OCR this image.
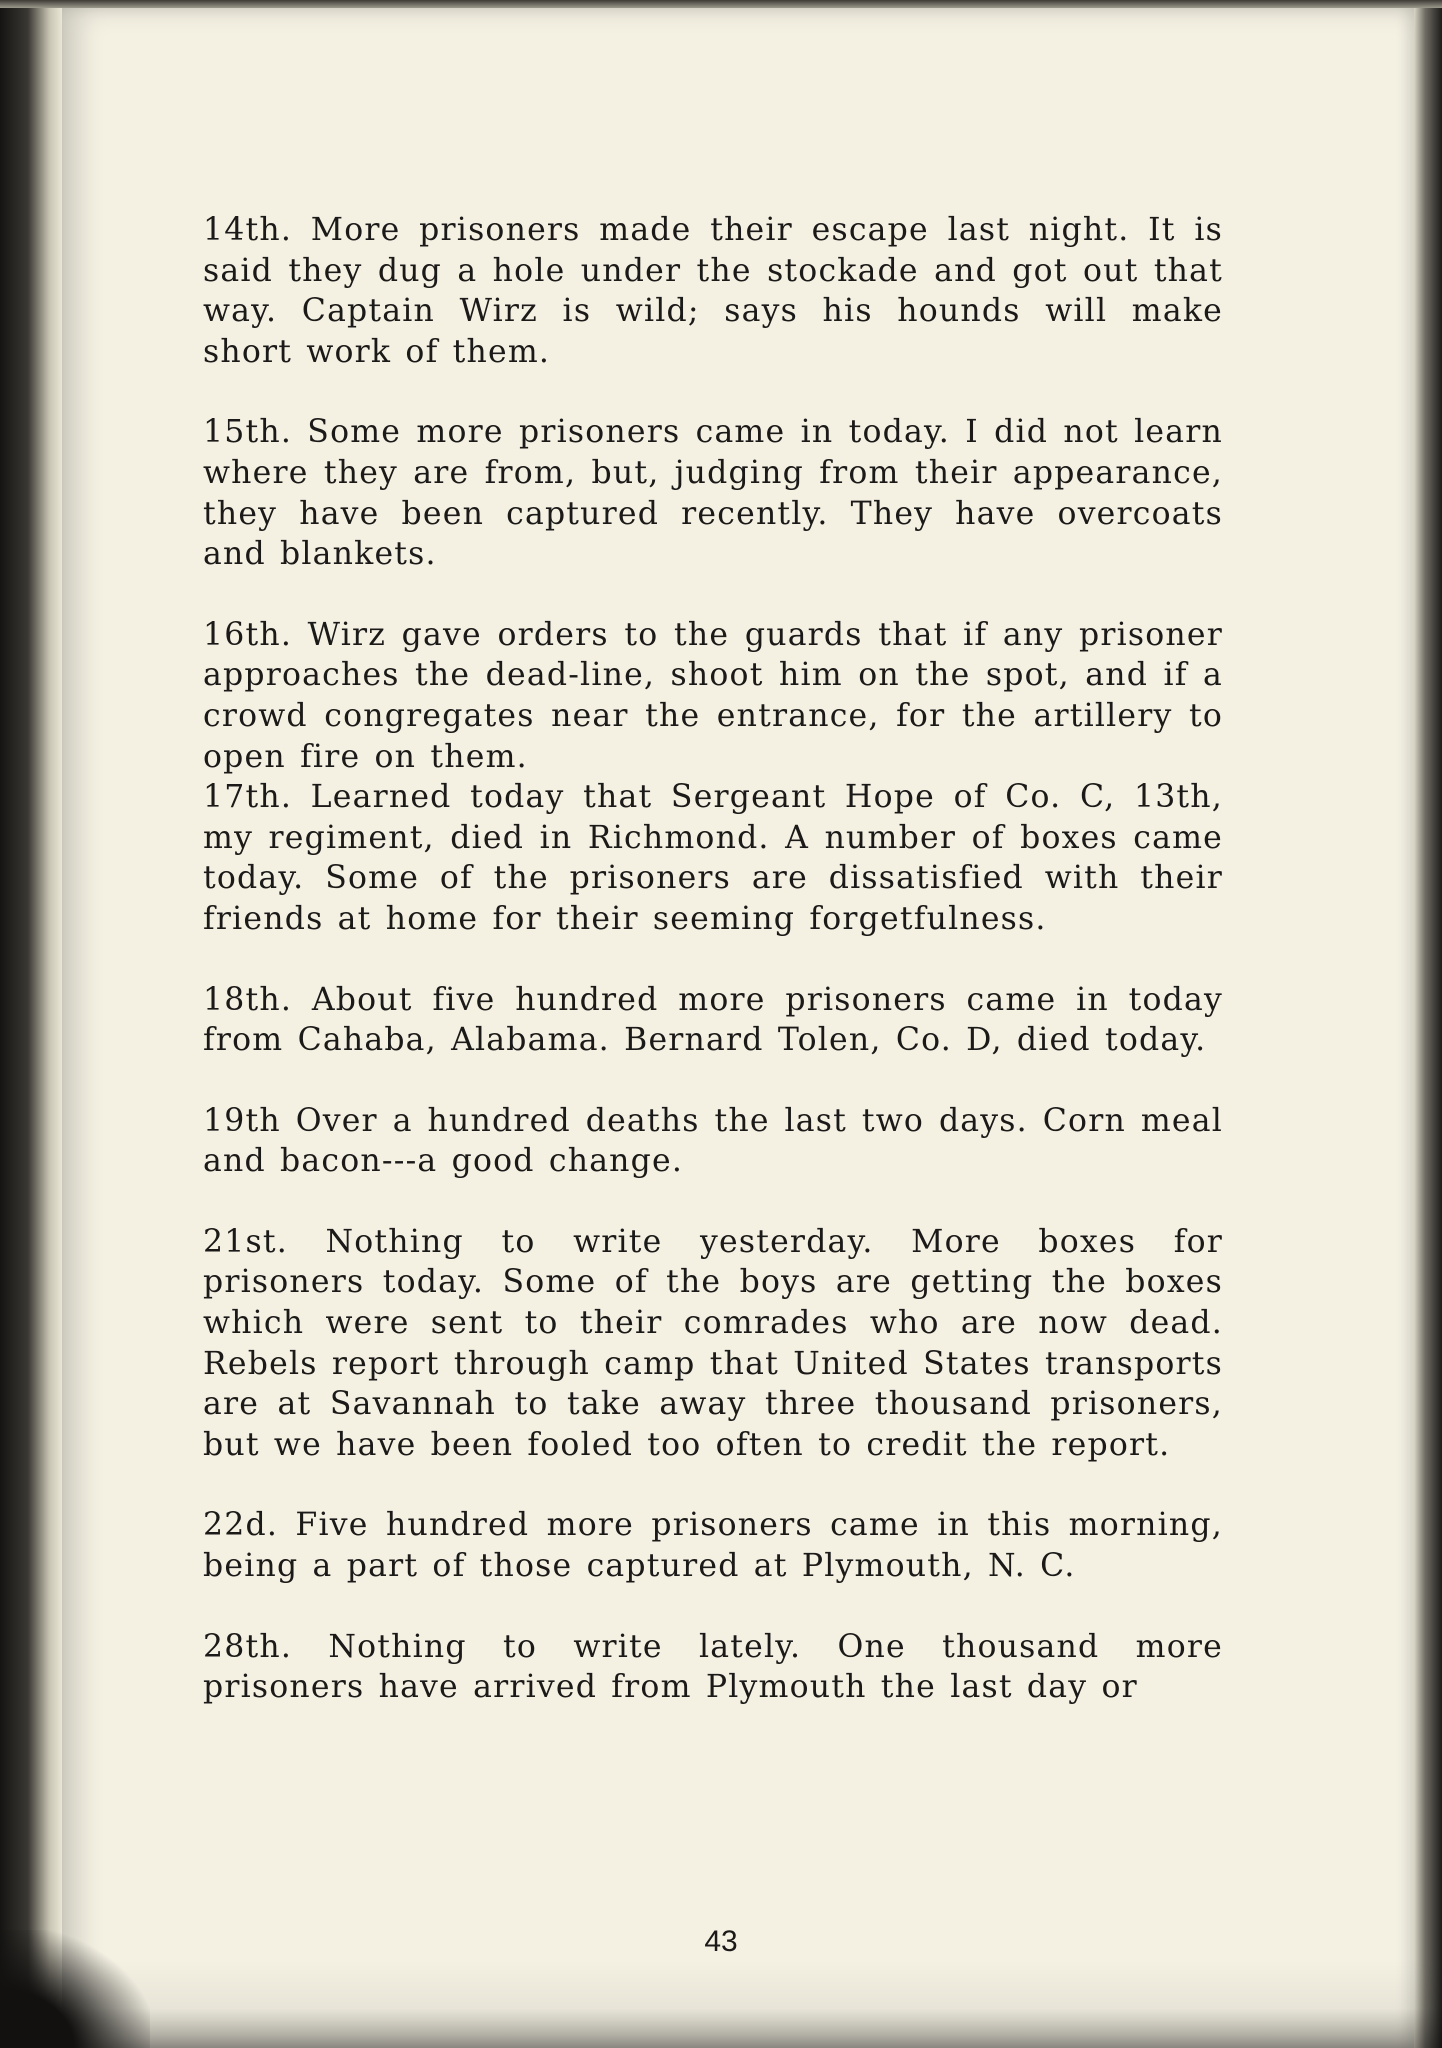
14th. More prisoners made their escape last night. It is said they dug a hole under the stockade and got out that way. Captain Wirz is wild; says his hounds will make short work of them.

15th. Some more prisoners came in today. I did not learn where they are from, but, judging from their appearance, they have been captured recently. They have overcoats and blankets.

16th. Wirz gave orders to the guards that if any prisoner approaches the dead-line, shoot him on the spot, and if a crowd congregates near the entrance, for the artillery to open fire on them.

17th. Learned today that Sergeant Hope of Co. C, 13th, my regiment, died in Richmond. A number of boxes came today. Some of the prisoners are dissatisfied with their friends at home for their seeming forgetfulness.

18th. About five hundred more prisoners came in today from Cahaba, Alabama. Bernard Tolen, Co. D, died today.

19th Over a hundred deaths the last two days. Corn meal and bacon---a good change.

21st. Nothing to write yesterday. More boxes for prisoners today. Some of the boys are getting the boxes which were sent to their comrades who are now dead. Rebels report through camp that United States transports are at Savannah to take away three thousand prisoners, but we have been fooled too often to credit the report.

22d. Five hundred more prisoners came in this morning, being a part of those captured at Plymouth, N. C.

28th. Nothing to write lately. One thousand more prisoners have arrived from Plymouth the last day or

43
